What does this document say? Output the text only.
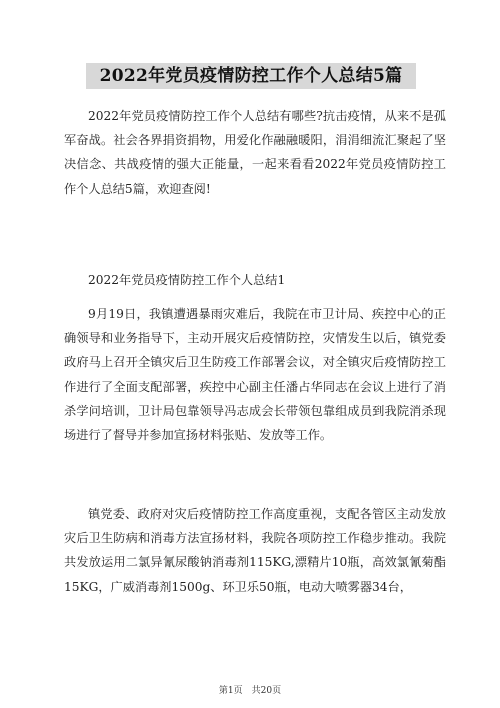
2022年党员疫情防控工作个人总结5篇

2022年党员疫情防控工作个人总结有哪些?抗击疫情，从来不是孤军奋战。社会各界捐资捐物，用爱化作融融暖阳，涓涓细流汇聚起了坚决信念、共战疫情的强大正能量，一起来看看2022年党员疫情防控工作个人总结5篇，欢迎查阅!

2022年党员疫情防控工作个人总结1

9月19日，我镇遭遇暴雨灾难后，我院在市卫计局、疾控中心的正确领导和业务指导下，主动开展灾后疫情防控，灾情发生以后，镇党委政府马上召开全镇灾后卫生防疫工作部署会议，对全镇灾后疫情防控工作进行了全面支配部署，疾控中心副主任潘占华同志在会议上进行了消杀学问培训，卫计局包靠领导冯志成会长带领包靠组成员到我院消杀现场进行了督导并参加宣扬材料张贴、发放等工作。

镇党委、政府对灾后疫情防控工作高度重视，支配各管区主动发放灾后卫生防病和消毒方法宣扬材料，我院各项防控工作稳步推动。我院共发放运用二氯异氰尿酸钠消毒剂115KG,漂精片10瓶，高效氯氰菊酯15KG，广威消毒剂1500g、环卫乐50瓶，电动大喷雾器34台，

第1页　共20页
